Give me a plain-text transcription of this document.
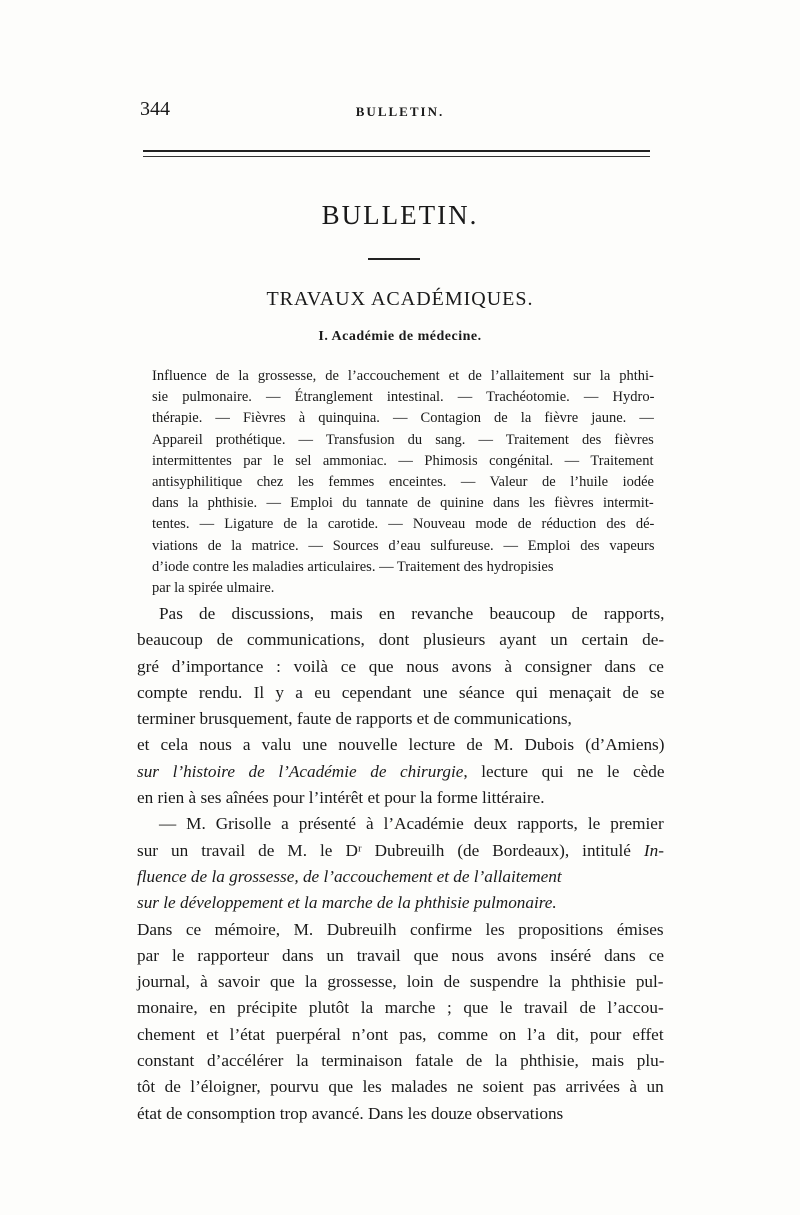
344	BULLETIN.
BULLETIN.
TRAVAUX ACADÉMIQUES.
I. Académie de médecine.
Influence de la grossesse, de l’accouchement et de l’allaitement sur la phthi-
sie pulmonaire. — Étranglement intestinal. — Trachéotomie. — Hydro-
thérapie. — Fièvres à quinquina. — Contagion de la fièvre jaune. —
Appareil prothétique. — Transfusion du sang. — Traitement des fièvres
intermittentes par le sel ammoniac. — Phimosis congénital. — Traitement
antisyphilitique chez les femmes enceintes. — Valeur de l’huile iodée
dans la phthisie. — Emploi du tannate de quinine dans les fièvres intermit-
tentes. — Ligature de la carotide. — Nouveau mode de réduction des dé-
viations de la matrice. — Sources d’eau sulfureuse. — Emploi des vapeurs
d’iode contre les maladies articulaires. — Traitement des hydropisies
par la spirée ulmaire.
Pas de discussions, mais en revanche beaucoup de rapports,
beaucoup de communications, dont plusieurs ayant un certain de-
gré d’importance : voilà ce que nous avons à consigner dans ce
compte rendu. Il y a eu cependant une séance qui menaçait de se
terminer brusquement, faute de rapports et de communications,
et cela nous a valu une nouvelle lecture de M. Dubois (d’Amiens)
sur l’histoire de l’Académie de chirurgie, lecture qui ne le cède
en rien à ses aînées pour l’intérêt et pour la forme littéraire.
— M. Grisolle a présenté à l’Académie deux rapports, le premier
sur un travail de M. le Dʳ Dubreuilh (de Bordeaux), intitulé In-
fluence de la grossesse, de l’accouchement et de l’allaitement
sur le développement et la marche de la phthisie pulmonaire.
Dans ce mémoire, M. Dubreuilh confirme les propositions émises
par le rapporteur dans un travail que nous avons inséré dans ce
journal, à savoir que la grossesse, loin de suspendre la phthisie pul-
monaire, en précipite plutôt la marche ; que le travail de l’accou-
chement et l’état puerpéral n’ont pas, comme on l’a dit, pour effet
constant d’accélérer la terminaison fatale de la phthisie, mais plu-
tôt de l’éloigner, pourvu que les malades ne soient pas arrivées à un
état de consomption trop avancé. Dans les douze observations
